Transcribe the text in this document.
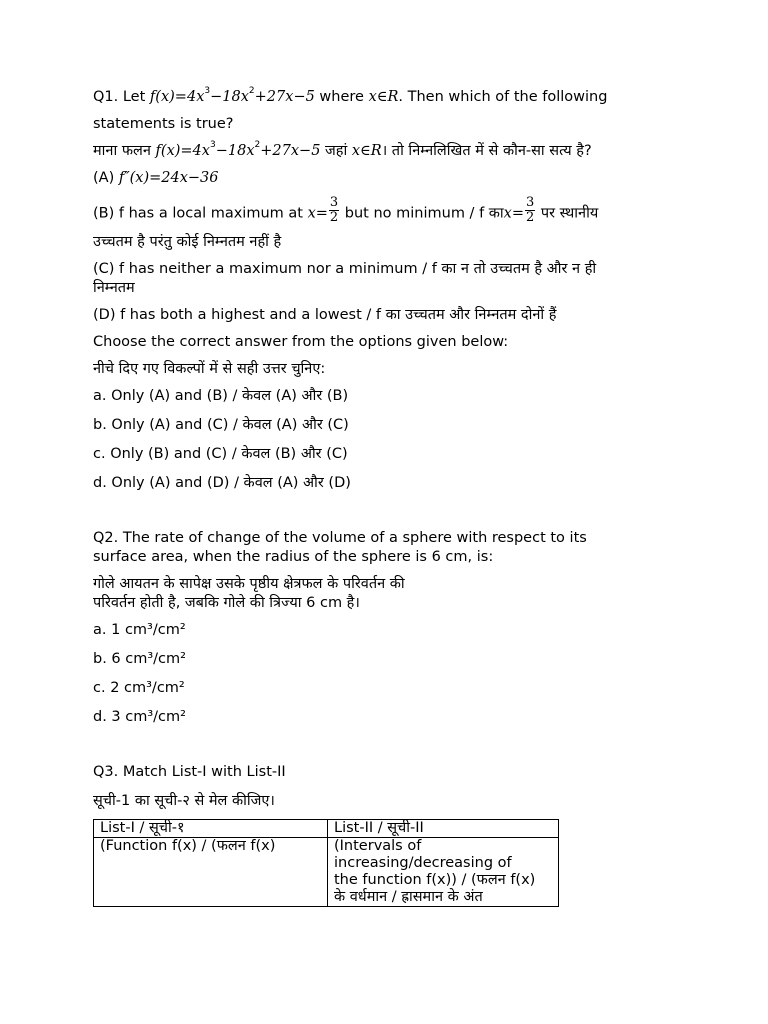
Q1. Let $f(x)=4x^3-18x^2+27x-5$ where x∈R. Then which of the following

statements is true?

माना फलन $f(x)=4x^3-18x^2+27x-5$ जहां x∈R। तो निम्नलिखित में से कौन-सा सत्य है?

(A) f″(x)=24x−36

(B) f has a local maximum at $x= \frac{3}{2}$ but no minimum / f काx= $\frac{3}{2}$ पर स्थानीय

उच्चतम है परंतु कोई निम्नतम नहीं है

(C) f has neither a maximum nor a minimum / f का न तो उच्चतम है और न ही

निम्नतम

(D) f has both a highest and a lowest / f का उच्चतम और निम्नतम दोनों हैं

Choose the correct answer from the options given below:

नीचे दिए गए विकल्पों में से सही उत्तर चुनिए:

a. Only (A) and (B) / केवल (A) और (B)

b. Only (A) and (C) / केवल (A) और (C)

c. Only (B) and (C) / केवल (B) और (C)

d. Only (A) and (D) / केवल (A) और (D)

Q2. The rate of change of the volume of a sphere with respect to its

surface area, when the radius of the sphere is 6 cm, is:

गोले आयतन के सापेक्ष उसके पृष्ठीय क्षेत्रफल के परिवर्तन की

परिवर्तन होती है, जबकि गोले की त्रिज्या 6 cm है।

a. 1 cm³/cm²

b. 6 cm³/cm²

c. 2 cm³/cm²

d. 3 cm³/cm²

Q3. Match List-I with List-II

सूची-1 का सूची-२ से मेल कीजिए।

List-I / सूची-१	List-II / सूची-II
(Function f(x) / (फलन f(x)	(Intervals of
increasing/decreasing of
the function f(x)) / (फलन f(x)
के वर्धमान / ह्रासमान के अंत
